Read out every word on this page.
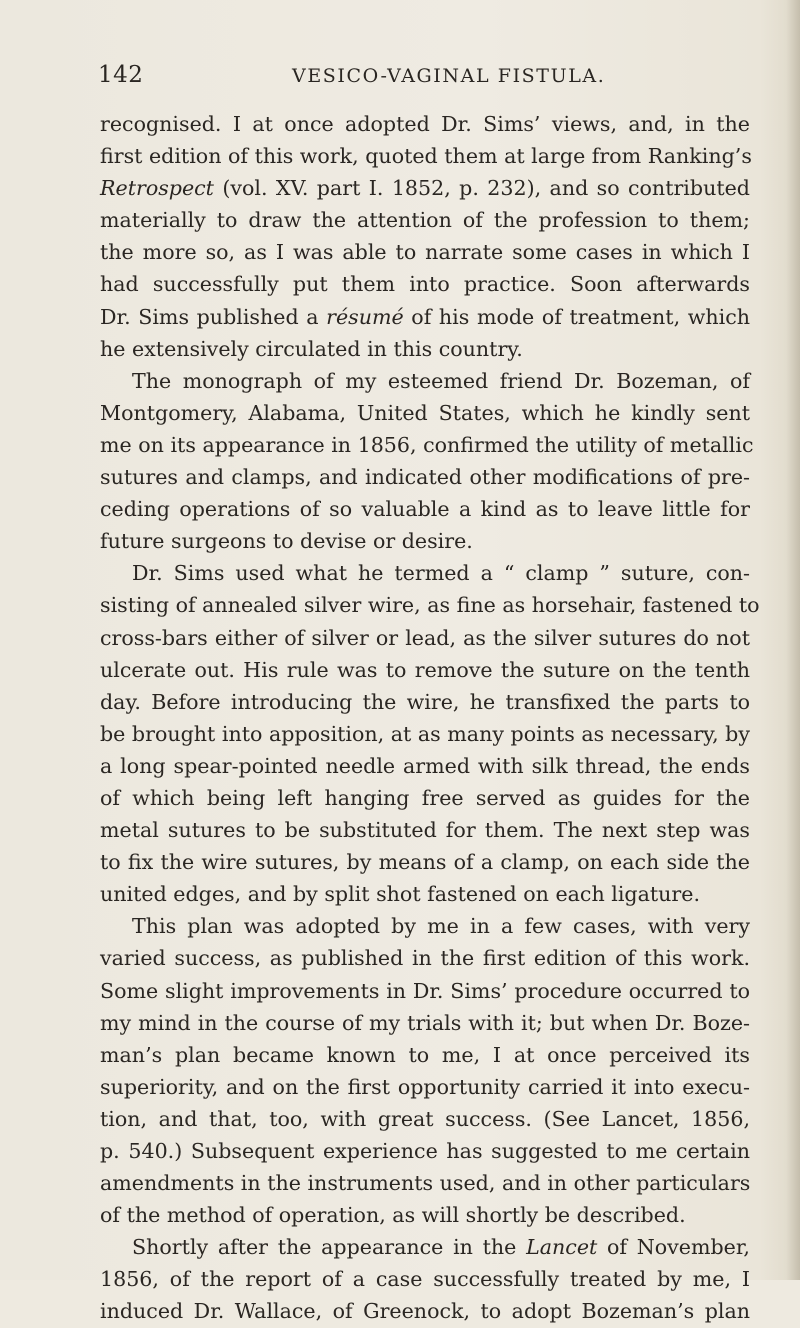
142	VESICO-VAGINAL FISTULA.
recognised. I at once adopted Dr. Sims’ views, and, in the
first edition of this work, quoted them at large from Ranking’s
Retrospect (vol. XV. part I. 1852, p. 232), and so contributed
materially to draw the attention of the profession to them;
the more so, as I was able to narrate some cases in which I
had successfully put them into practice. Soon afterwards
Dr. Sims published a résumé of his mode of treatment, which
he extensively circulated in this country.
The monograph of my esteemed friend Dr. Bozeman, of
Montgomery, Alabama, United States, which he kindly sent
me on its appearance in 1856, confirmed the utility of metallic
sutures and clamps, and indicated other modifications of pre-
ceding operations of so valuable a kind as to leave little for
future surgeons to devise or desire.
Dr. Sims used what he termed a “ clamp ” suture, con-
sisting of annealed silver wire, as fine as horsehair, fastened to
cross-bars either of silver or lead, as the silver sutures do not
ulcerate out. His rule was to remove the suture on the tenth
day. Before introducing the wire, he transfixed the parts to
be brought into apposition, at as many points as necessary, by
a long spear-pointed needle armed with silk thread, the ends
of which being left hanging free served as guides for the
metal sutures to be substituted for them. The next step was
to fix the wire sutures, by means of a clamp, on each side the
united edges, and by split shot fastened on each ligature.
This plan was adopted by me in a few cases, with very
varied success, as published in the first edition of this work.
Some slight improvements in Dr. Sims’ procedure occurred to
my mind in the course of my trials with it; but when Dr. Boze-
man’s plan became known to me, I at once perceived its
superiority, and on the first opportunity carried it into execu-
tion, and that, too, with great success. (See Lancet, 1856,
p. 540.) Subsequent experience has suggested to me certain
amendments in the instruments used, and in other particulars
of the method of operation, as will shortly be described.
Shortly after the appearance in the Lancet of November,
1856, of the report of a case successfully treated by me, I
induced Dr. Wallace, of Greenock, to adopt Bozeman’s plan
